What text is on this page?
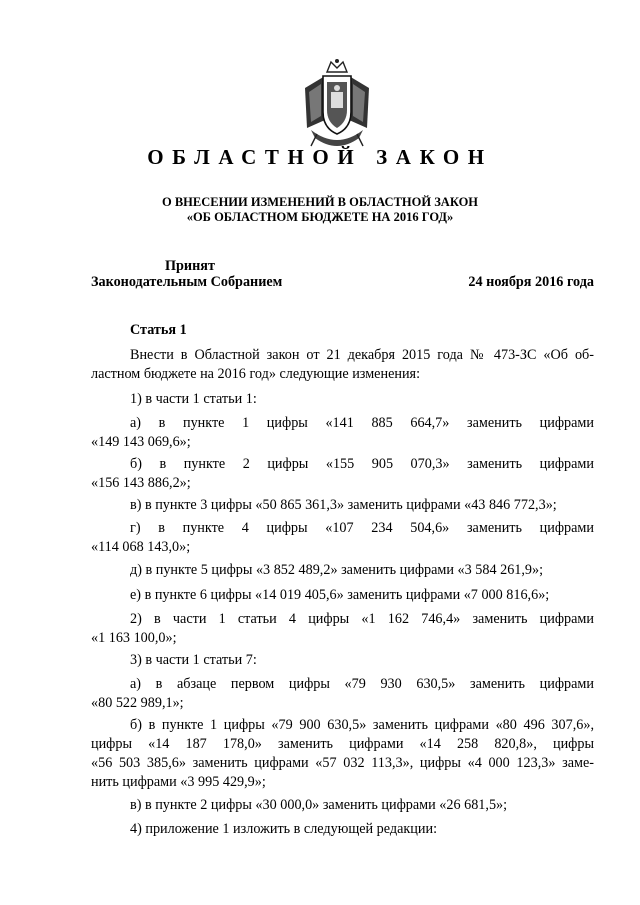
ОБЛАСТНОЙ ЗАКОН
О ВНЕСЕНИИ ИЗМЕНЕНИЙ В ОБЛАСТНОЙ ЗАКОН
«ОБ ОБЛАСТНОМ БЮДЖЕТЕ НА 2016 ГОД»
Принят
Законодательным Собранием	24 ноября 2016 года
Статья 1
Внести в Областной закон от 21 декабря 2015 года № 473-ЗС «Об об-
ластном бюджете на 2016 год» следующие изменения:
1) в части 1 статьи 1:
а) в пункте 1 цифры «141 885 664,7» заменить цифрами
«149 143 069,6»;
б) в пункте 2 цифры «155 905 070,3» заменить цифрами
«156 143 886,2»;
в) в пункте 3 цифры «50 865 361,3» заменить цифрами «43 846 772,3»;
г) в пункте 4 цифры «107 234 504,6» заменить цифрами
«114 068 143,0»;
д) в пункте 5 цифры «3 852 489,2» заменить цифрами «3 584 261,9»;
е) в пункте 6 цифры «14 019 405,6» заменить цифрами «7 000 816,6»;
2) в части 1 статьи 4 цифры «1 162 746,4» заменить цифрами
«1 163 100,0»;
3) в части 1 статьи 7:
а) в абзаце первом цифры «79 930 630,5» заменить цифрами
«80 522 989,1»;
б) в пункте 1 цифры «79 900 630,5» заменить цифрами «80 496 307,6»,
цифры «14 187 178,0» заменить цифрами «14 258 820,8», цифры
«56 503 385,6» заменить цифрами «57 032 113,3», цифры «4 000 123,3» заме-
нить цифрами «3 995 429,9»;
в) в пункте 2 цифры «30 000,0» заменить цифрами «26 681,5»;
4) приложение 1 изложить в следующей редакции:
